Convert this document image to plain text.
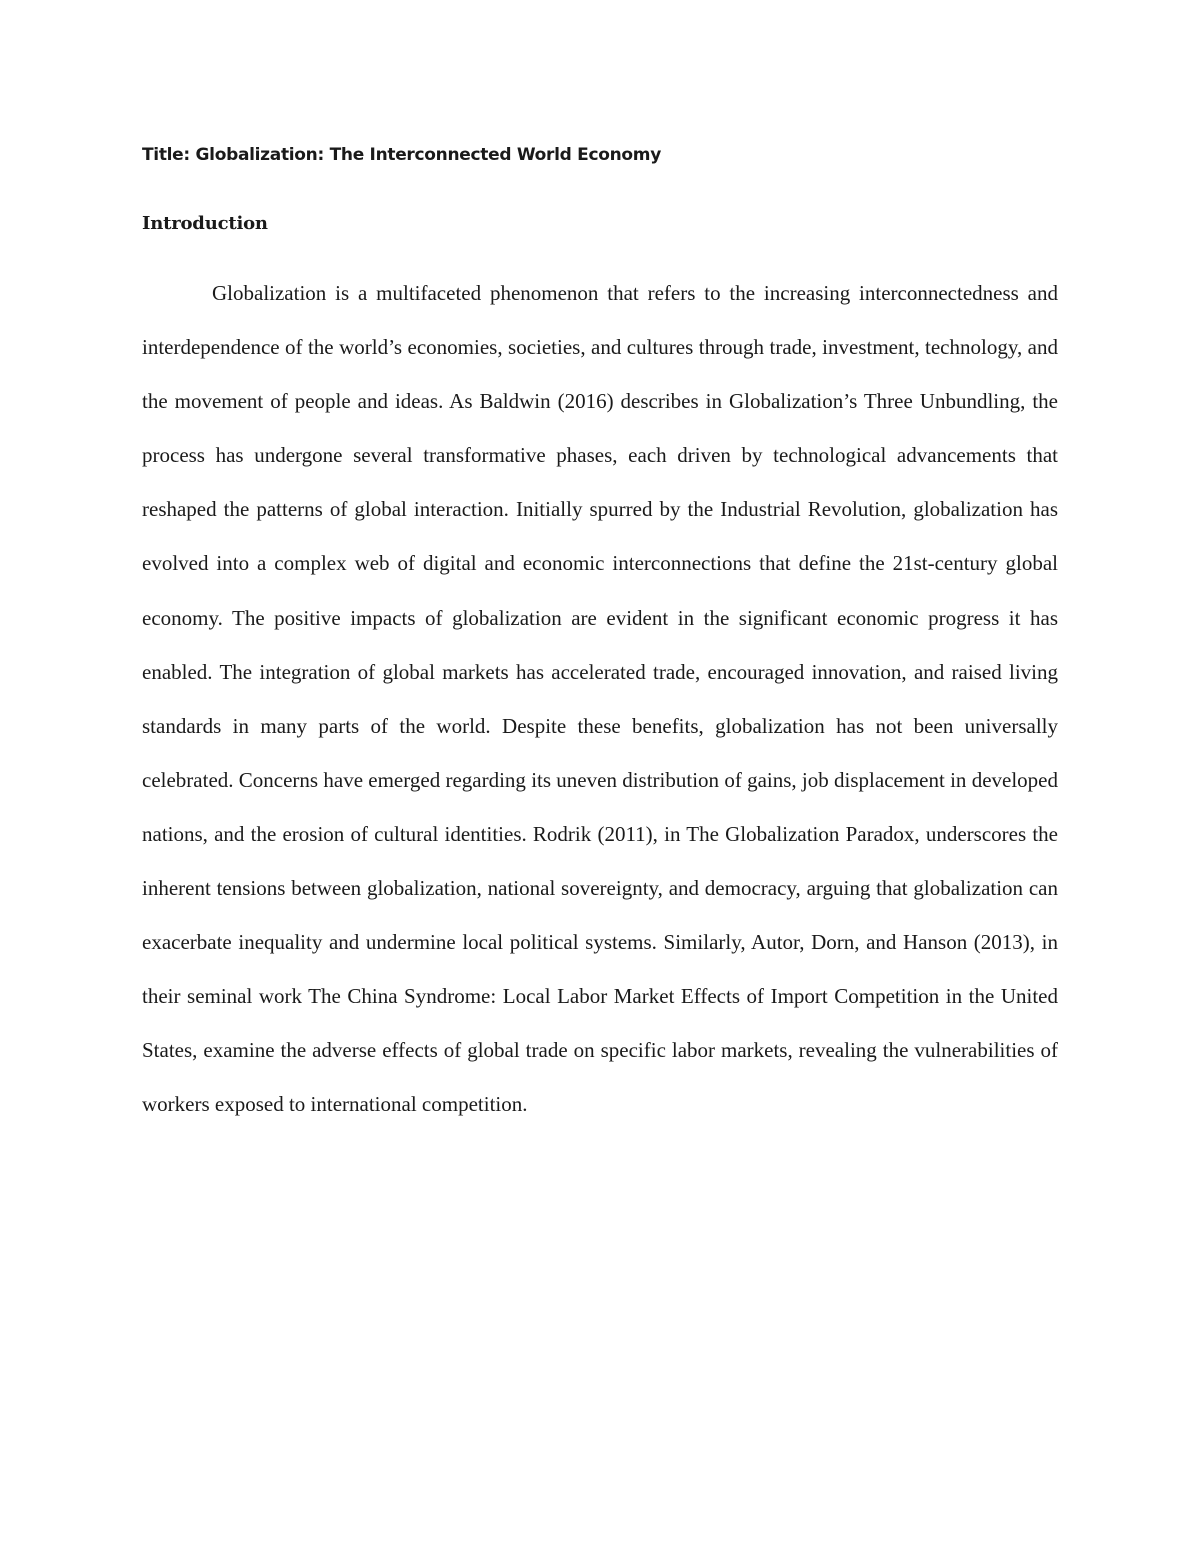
Title: Globalization: The Interconnected World Economy
Introduction

Globalization is a multifaceted phenomenon that refers to the increasing interconnectedness and interdependence of the world’s economies, societies, and cultures through trade, investment, technology, and the movement of people and ideas. As Baldwin (2016) describes in Globalization’s Three Unbundling, the process has undergone several transformative phases, each driven by technological advancements that reshaped the patterns of global interaction. Initially spurred by the Industrial Revolution, globalization has evolved into a complex web of digital and economic interconnections that define the 21st-century global economy. The positive impacts of globalization are evident in the significant economic progress it has enabled. The integration of global markets has accelerated trade, encouraged innovation, and raised living standards in many parts of the world. Despite these benefits, globalization has not been universally celebrated. Concerns have emerged regarding its uneven distribution of gains, job displacement in developed nations, and the erosion of cultural identities. Rodrik (2011), in The Globalization Paradox, underscores the inherent tensions between globalization, national sovereignty, and democracy, arguing that globalization can exacerbate inequality and undermine local political systems. Similarly, Autor, Dorn, and Hanson (2013), in their seminal work The China Syndrome: Local Labor Market Effects of Import Competition in the United States, examine the adverse effects of global trade on specific labor markets, revealing the vulnerabilities of workers exposed to international competition.
